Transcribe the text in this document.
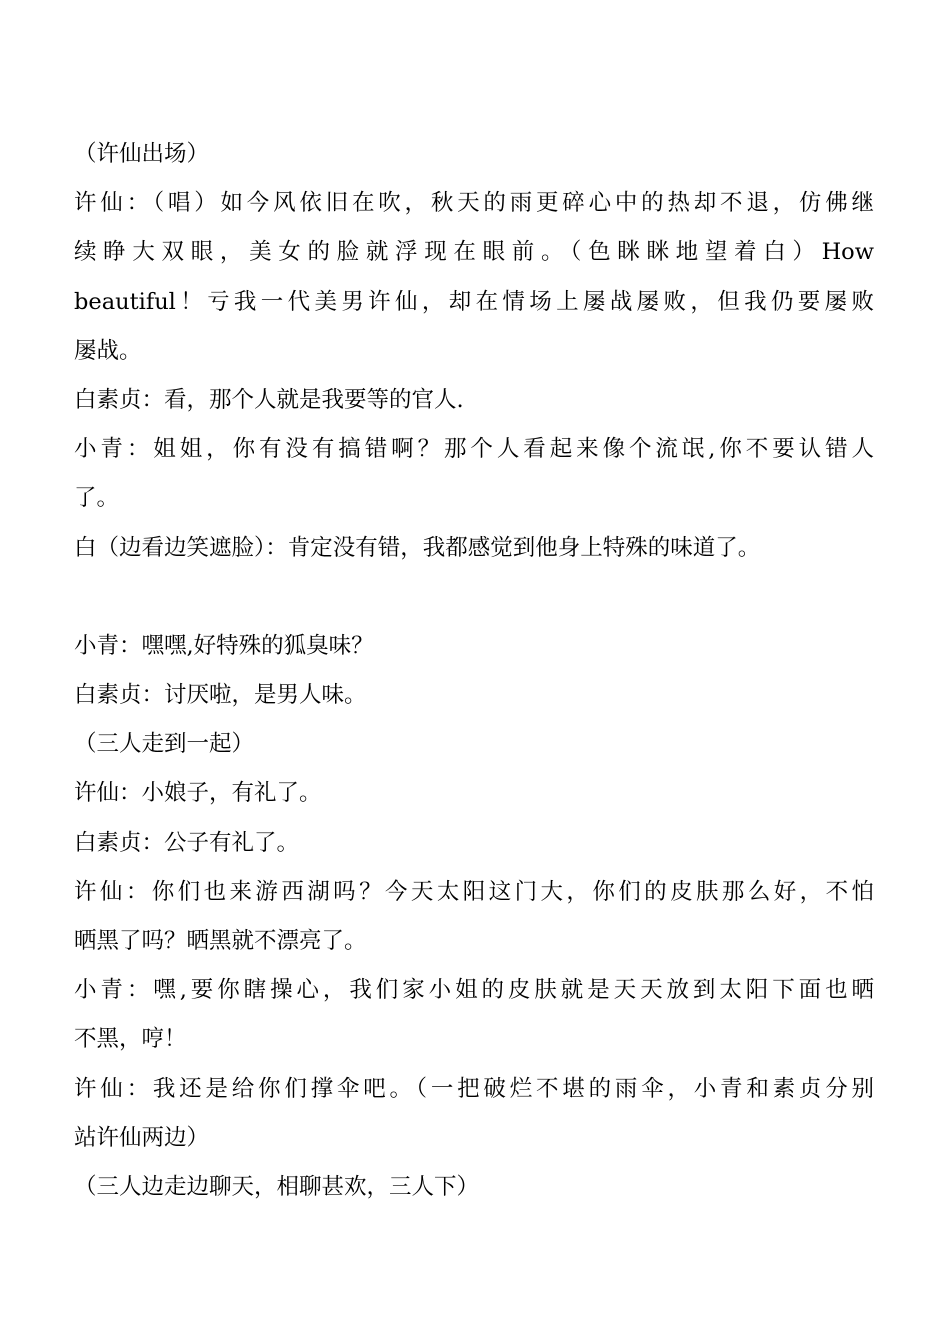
（许仙出场）
许仙：（唱）如今风依旧在吹，秋天的雨更碎心中的热却不退，仿佛继
续睁大双眼，美女的脸就浮现在眼前。（色眯眯地望着白）How
beautiful！亏我一代美男许仙，却在情场上屡战屡败，但我仍要屡败
屡战。
白素贞：看，那个人就是我要等的官人.
小青：姐姐，你有没有搞错啊？那个人看起来像个流氓,你不要认错人
了。
白（边看边笑遮脸）：肯定没有错，我都感觉到他身上特殊的味道了。
小青：嘿嘿,好特殊的狐臭味？
白素贞：讨厌啦，是男人味。
（三人走到一起）
许仙：小娘子，有礼了。
白素贞：公子有礼了。
许仙：你们也来游西湖吗？今天太阳这门大，你们的皮肤那么好，不怕
晒黑了吗？晒黑就不漂亮了。
小青：嘿,要你瞎操心，我们家小姐的皮肤就是天天放到太阳下面也晒
不黑，哼！
许仙：我还是给你们撑伞吧。（一把破烂不堪的雨伞，小青和素贞分别
站许仙两边）
（三人边走边聊天，相聊甚欢，三人下）
